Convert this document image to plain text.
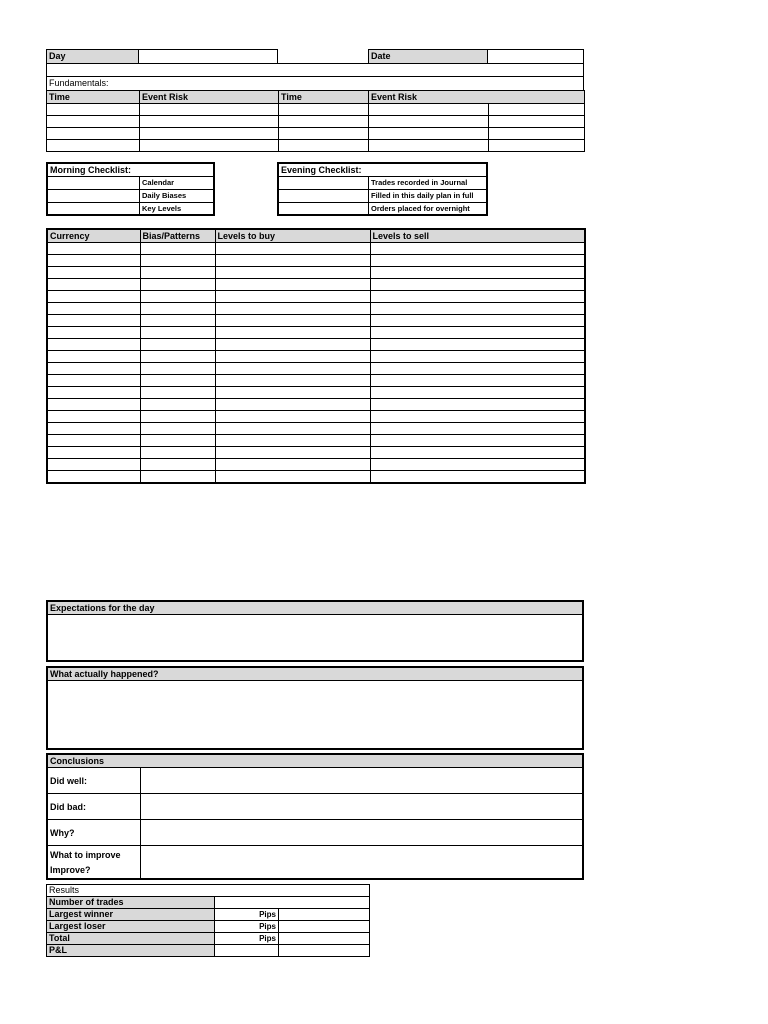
Day	Date
Fundamentals:
Time	Event Risk	Time	Event Risk	

Morning Checklist:
Calendar
Daily Biases
Key Levels
Evening Checklist:
Trades recorded in Journal
Filled in this daily plan in full
Orders placed for overnight
Currency	Bias/Patterns	Levels to buy	Levels to sell

Expectations for the day
What actually happened?
Conclusions
Did well:
Did bad:
Why?
What to improve
Improve?
Results		
Number of trades		
Largest winner	Pips	
Largest loser	Pips	
Total	Pips	
P&L		
